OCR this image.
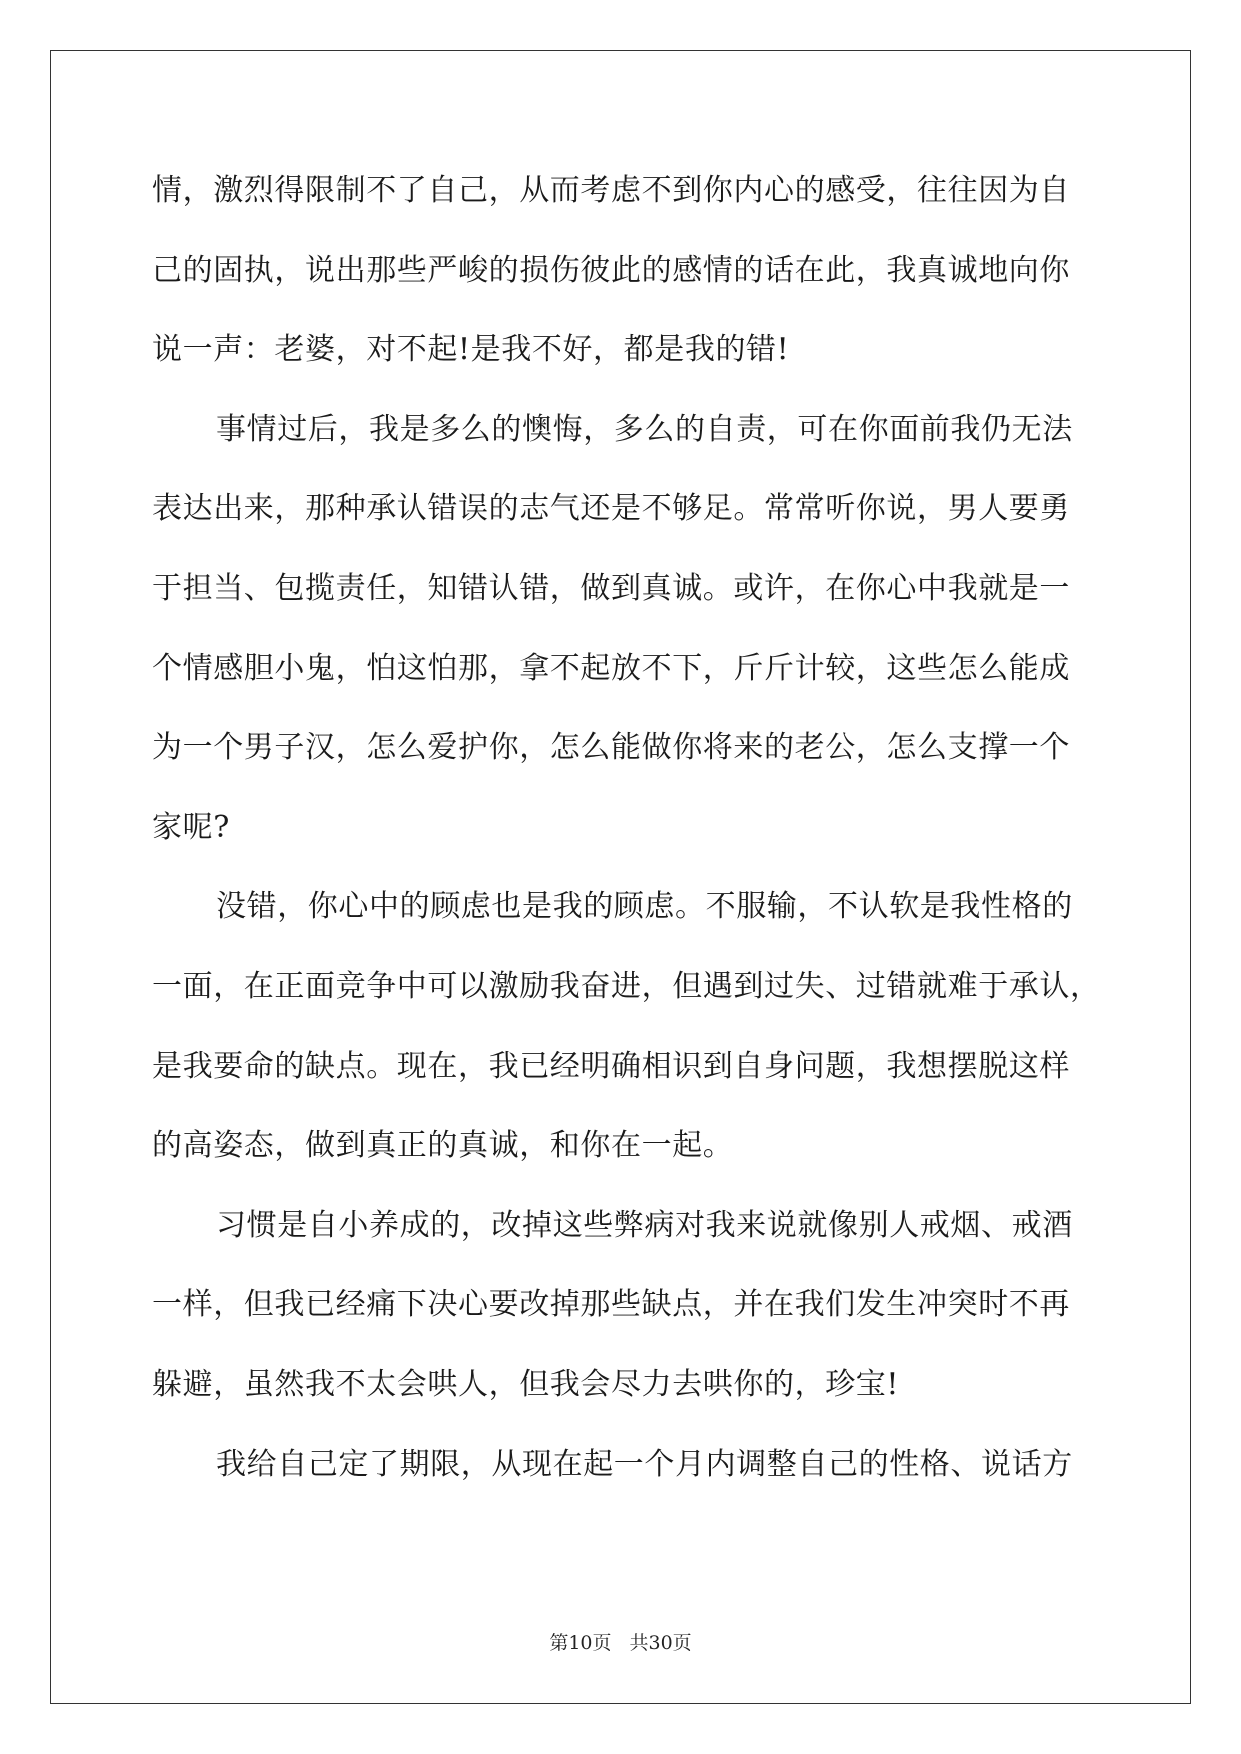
情，激烈得限制不了自己，从而考虑不到你内心的感受，往往因为自
己的固执，说出那些严峻的损伤彼此的感情的话在此，我真诚地向你
说一声：老婆，对不起!是我不好，都是我的错!
事情过后，我是多么的懊悔，多么的自责，可在你面前我仍无法
表达出来，那种承认错误的志气还是不够足。常常听你说，男人要勇
于担当、包揽责任，知错认错，做到真诚。或许，在你心中我就是一
个情感胆小鬼，怕这怕那，拿不起放不下，斤斤计较，这些怎么能成
为一个男子汉，怎么爱护你，怎么能做你将来的老公，怎么支撑一个
家呢?
没错，你心中的顾虑也是我的顾虑。不服输，不认软是我性格的
一面，在正面竞争中可以激励我奋进，但遇到过失、过错就难于承认，
是我要命的缺点。现在，我已经明确相识到自身问题，我想摆脱这样
的高姿态，做到真正的真诚，和你在一起。
习惯是自小养成的，改掉这些弊病对我来说就像别人戒烟、戒酒
一样，但我已经痛下决心要改掉那些缺点，并在我们发生冲突时不再
躲避，虽然我不太会哄人，但我会尽力去哄你的，珍宝!
我给自己定了期限，从现在起一个月内调整自己的性格、说话方
第10页 共30页
